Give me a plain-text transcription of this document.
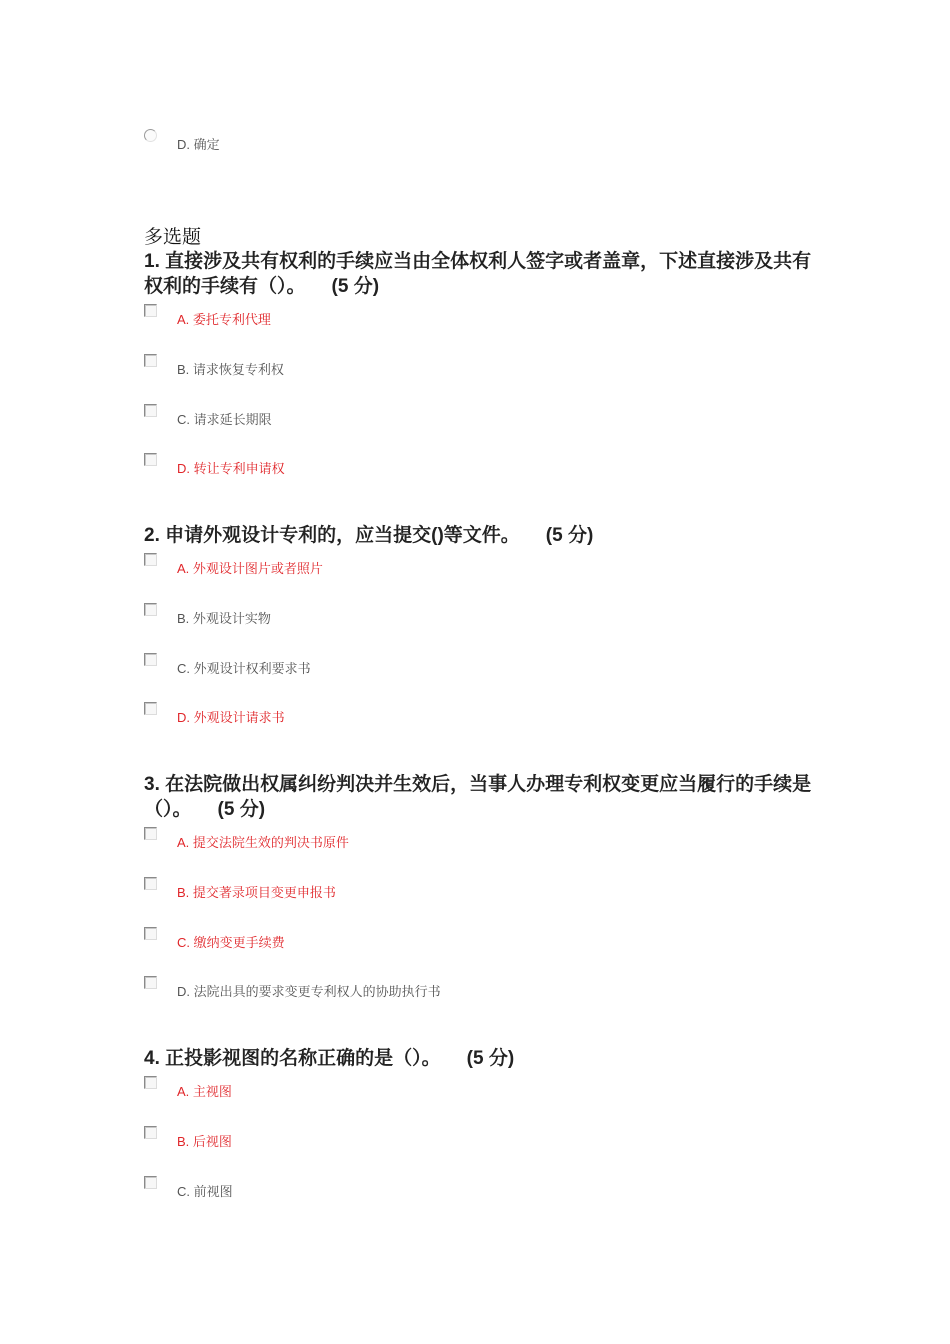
D. 确定
多选题
1. 直接涉及共有权利的手续应当由全体权利人签字或者盖章，下述直接涉及共有权利的手续有（）。 (5 分)
A. 委托专利代理
B. 请求恢复专利权
C. 请求延长期限
D. 转让专利申请权
2. 申请外观设计专利的，应当提交()等文件。 (5 分)
A. 外观设计图片或者照片
B. 外观设计实物
C. 外观设计权利要求书
D. 外观设计请求书
3. 在法院做出权属纠纷判决并生效后，当事人办理专利权变更应当履行的手续是（）。 (5 分)
A. 提交法院生效的判决书原件
B. 提交著录项目变更申报书
C. 缴纳变更手续费
D. 法院出具的要求变更专利权人的协助执行书
4. 正投影视图的名称正确的是（）。 (5 分)
A. 主视图
B. 后视图
C. 前视图
